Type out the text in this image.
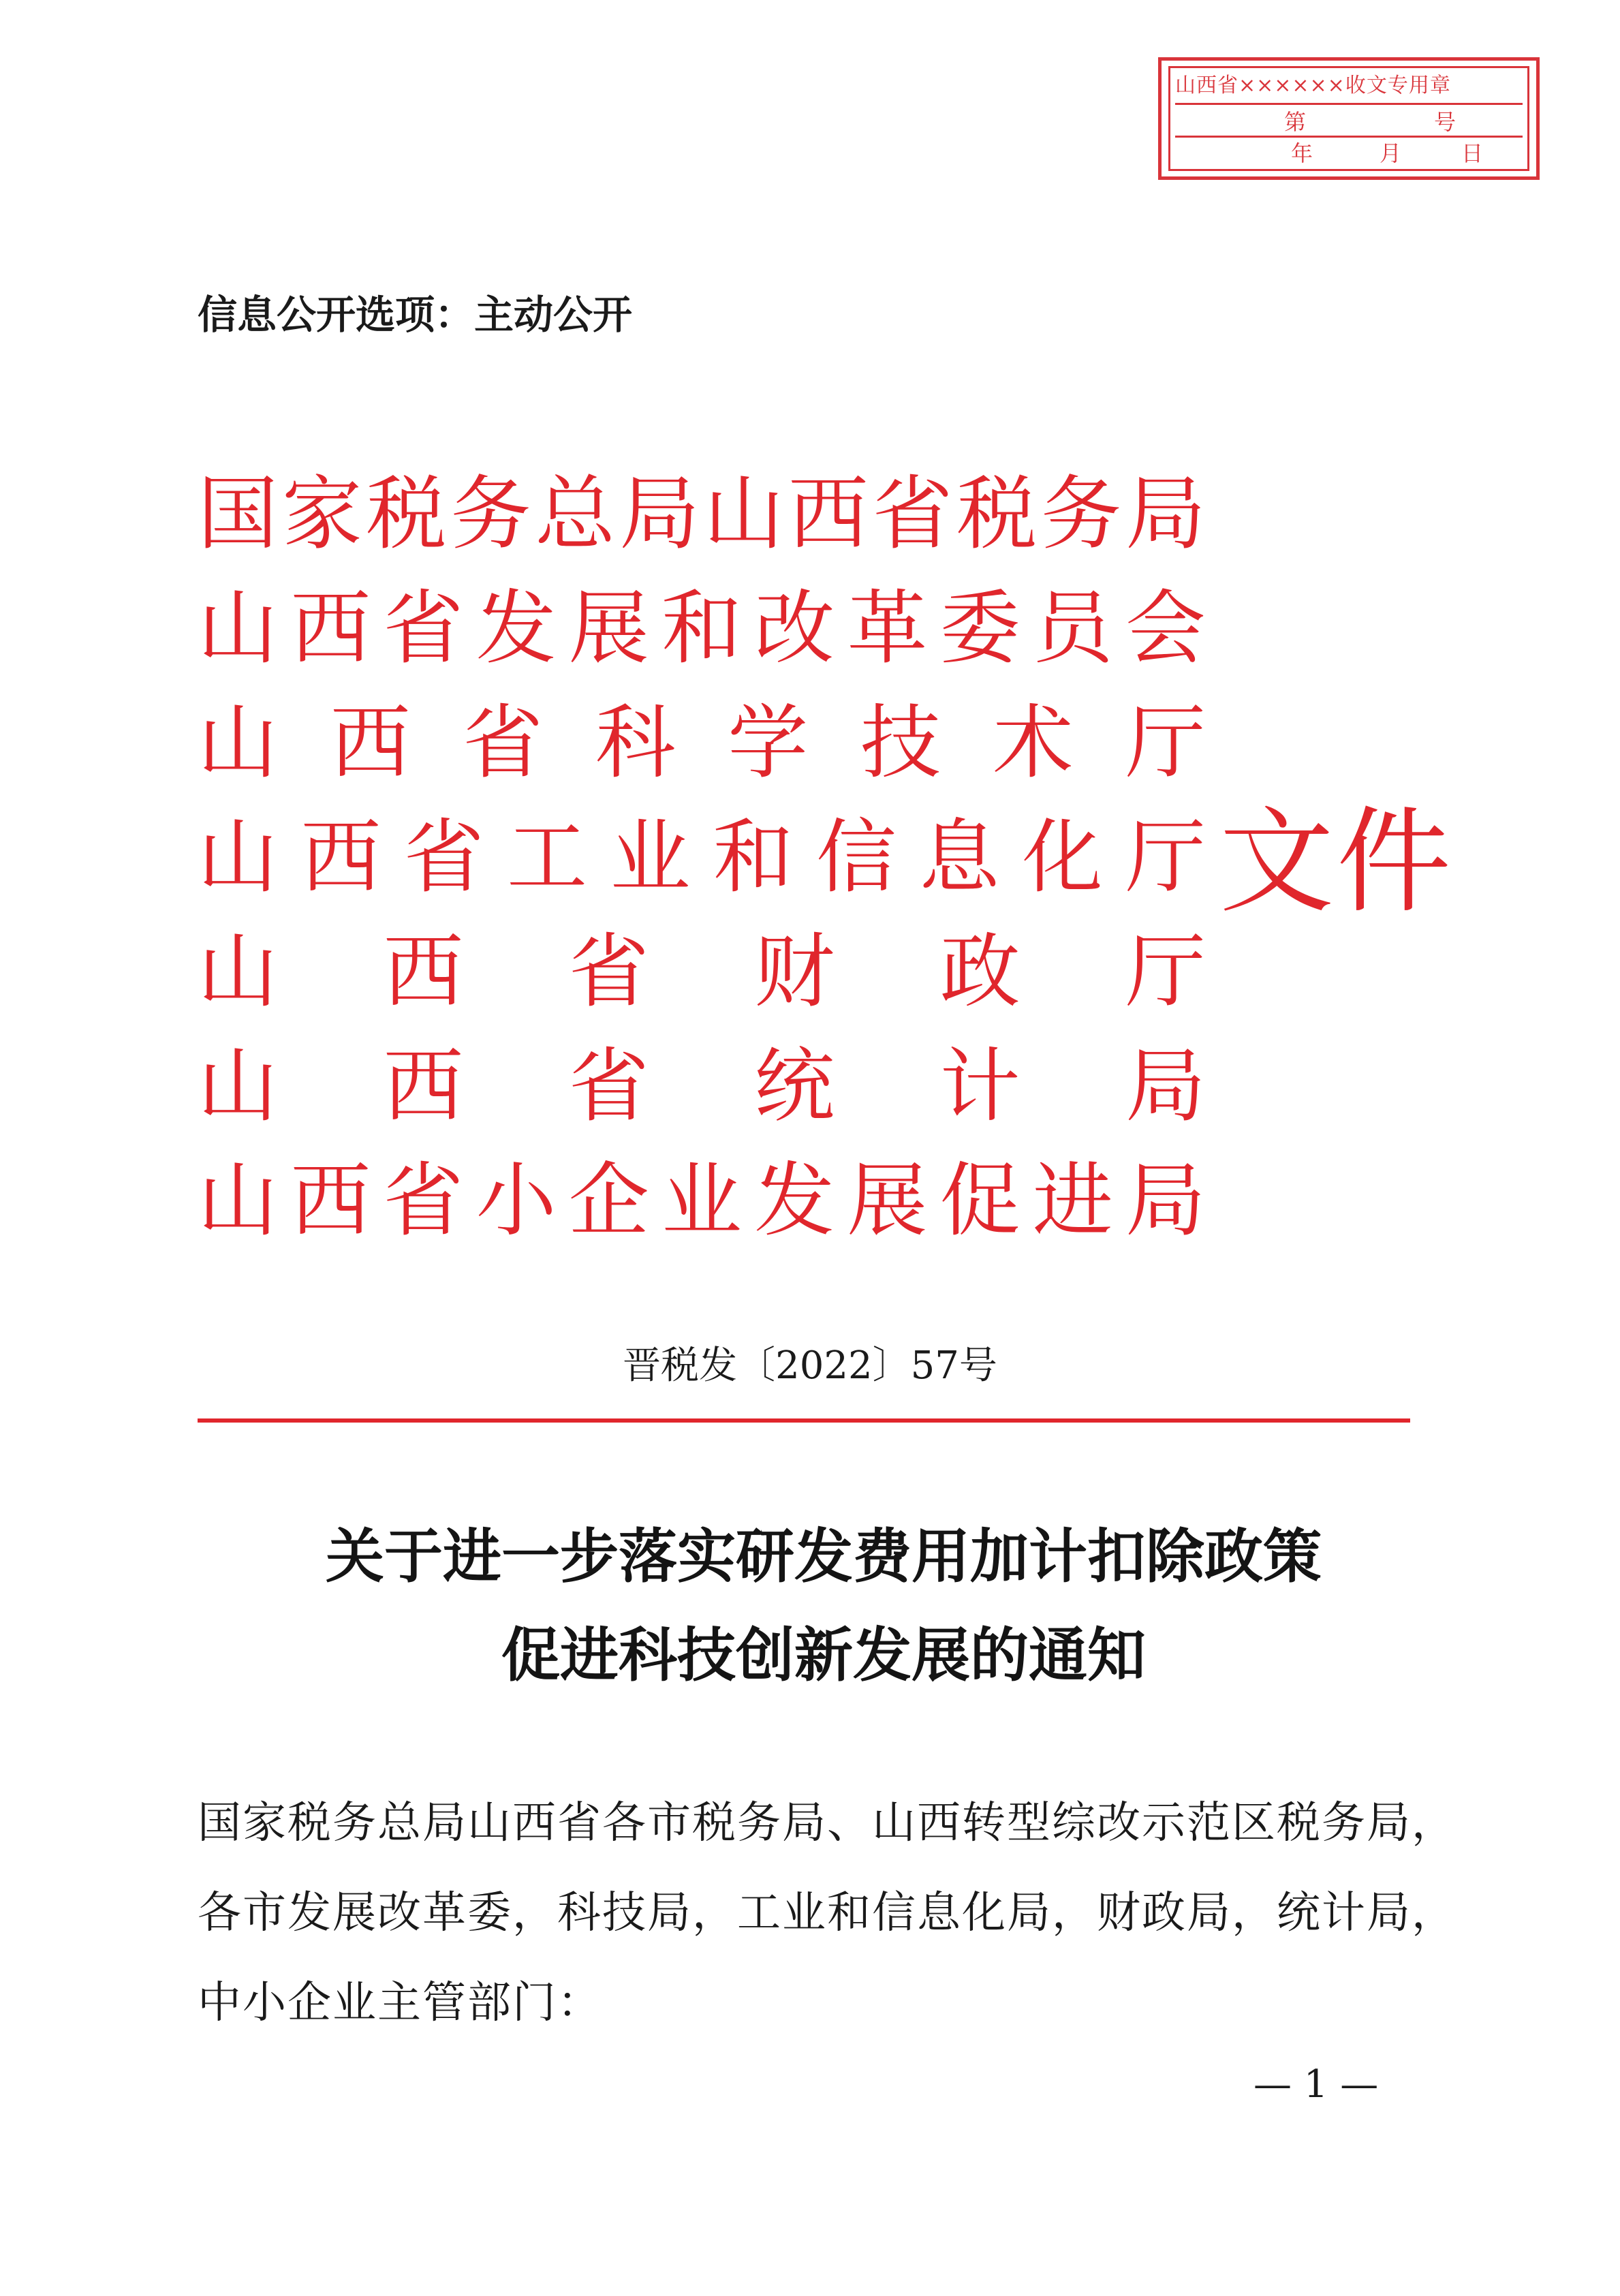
山西省××××××收文专用章
第	号
年	月	日
信息公开选项：主动公开
国 家 税 务 总 局 山 西 省 税 务 局
山 西 省 发 展 和 改 革 委 员 会
山 西 省 科 学 技 术 厅
山 西 省 工 业 和 信 息 化 厅
山 西 省 财 政 厅
山 西 省 统 计 局
山 西 省 小 企 业 发 展 促 进 局
文件
晋税发〔2022〕57号
关于进一步落实研发费用加计扣除政策
促进科技创新发展的通知
国家税务总局山西省各市税务局、山西转型综改示范区税务局，
各市发展改革委，科技局，工业和信息化局，财政局，统计局，
中小企业主管部门：
— 1 —
